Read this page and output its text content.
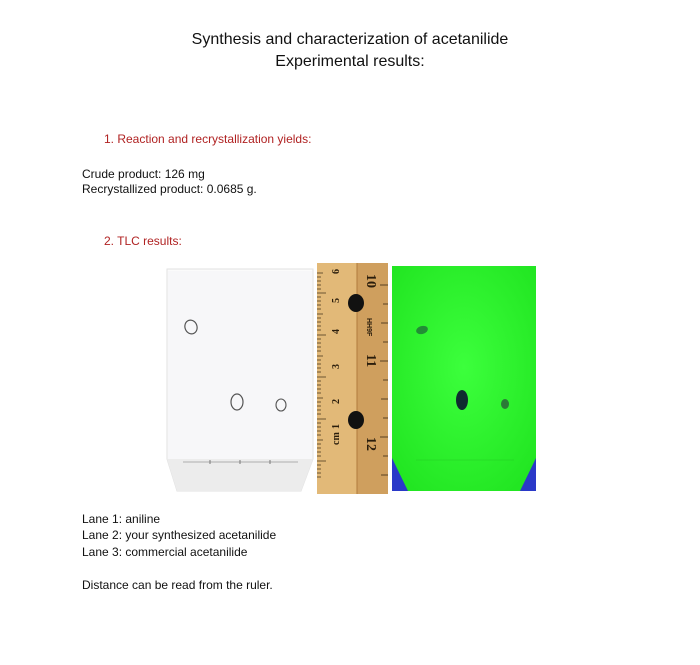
Synthesis and characterization of acetanilide
Experimental results:
1. Reaction and recrystallization yields:
Crude product: 126 mg
Recrystallized product: 0.0685 g.
2. TLC results:
cm
1
2
3
4
5
6
10
11
12
HH9F
Lane 1: aniline
Lane 2: your synthesized acetanilide
Lane 3: commercial acetanilide
Distance can be read from the ruler.
